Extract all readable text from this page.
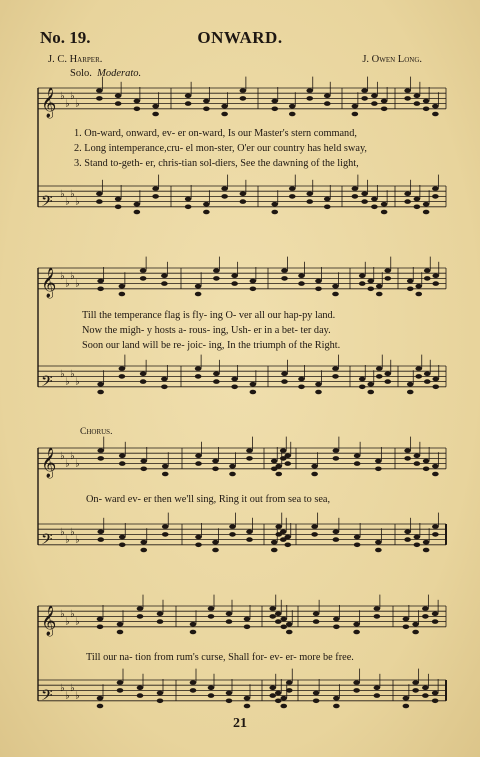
No. 19.	ONWARD.
J. C. Harper.	J. Owen Long.
Solo. Moderato.
𝄞 ♭
♭
♭
♭
𝄢 ♭
♭
♭
♭
𝄞 ♭
♭
♭
♭
𝄢 ♭
♭
♭
♭
𝄞 ♭
♭
♭
♭
𝄢 ♭
♭
♭
♭
𝄞 ♭
♭
♭
♭
𝄢 ♭
♭
♭
♭
1. On-ward, onward, ev- er on-ward, Is our Master's stern command,
2. Long intemperance,cru- el mon-ster, O'er our country has held sway,
3. Stand to-geth- er, chris-tian sol-diers, See the dawning of the light,
Till the temperance flag is fly- ing O- ver all our hap-py land.
Now the migh- y hosts a- rous- ing, Ush- er in a bet- ter day.
Soon our land will be re- joic- ing, In the triumph of the Right.
Chorus.
On- ward ev- er then we'll sing, Ring it out from sea to sea,
Till our na- tion from rum's curse, Shall for- ev- er- more be free.
21
